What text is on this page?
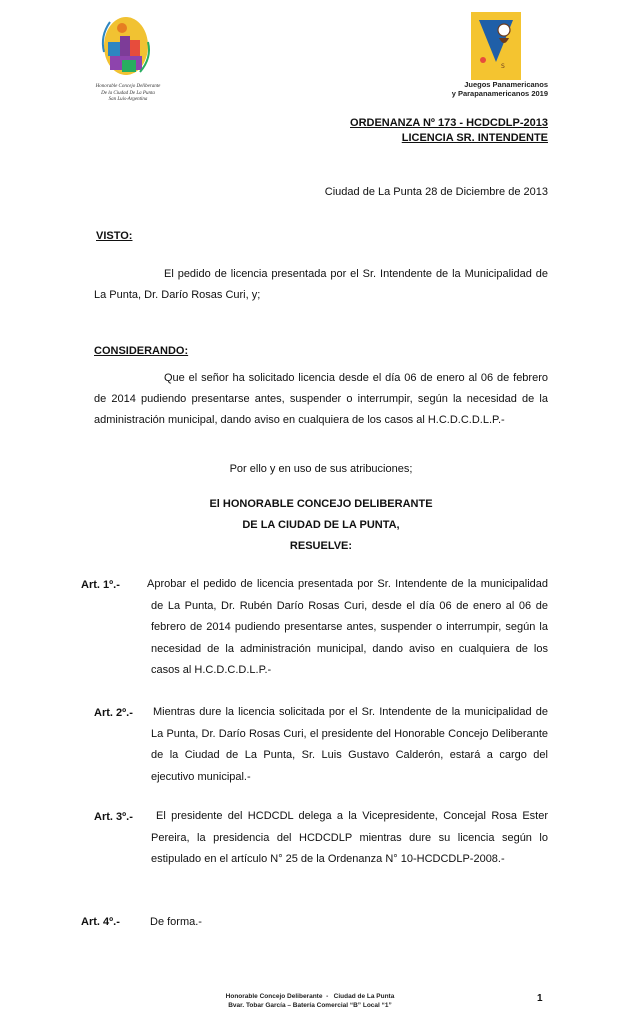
Honorable Concejo Deliberante
De la Ciudad De La Punta
San Luis-Argentina
S
Juegos Panamericanos
y Parapanamericanos 2019
ORDENANZA Nº 173 - HCDCDLP-2013
LICENCIA SR. INTENDENTE
Ciudad de La Punta 28 de Diciembre de 2013
VISTO:
El pedido de licencia presentada por el Sr. Intendente de la Municipalidad de La Punta, Dr. Darío Rosas Curi, y;
CONSIDERANDO:
Que el señor ha solicitado licencia desde el día 06 de enero al 06 de febrero de 2014 pudiendo presentarse antes, suspender o interrumpir, según la necesidad de la administración municipal, dando aviso en cualquiera de los casos al H.C.D.C.D.L.P.-
Por ello y en uso de sus atribuciones;
El HONORABLE CONCEJO DELIBERANTE
DE LA CIUDAD DE LA PUNTA,
RESUELVE:
Art. 1º.- Aprobar el pedido de licencia presentada por Sr. Intendente de la municipalidad de La Punta, Dr. Rubén Darío Rosas Curi, desde el día 06 de enero al 06 de febrero de 2014 pudiendo presentarse antes, suspender o interrumpir, según la necesidad de la administración municipal, dando aviso en cualquiera de los casos al H.C.D.C.D.L.P.-
Art. 2º.- Mientras dure la licencia solicitada por el Sr. Intendente de la municipalidad de La Punta, Dr. Darío Rosas Curi, el presidente del Honorable Concejo Deliberante de la Ciudad de La Punta, Sr. Luis Gustavo Calderón, estará a cargo del ejecutivo municipal.-
Art. 3º.-	El presidente del HCDCDL delega a la Vicepresidente, Concejal Rosa Ester Pereira, la presidencia del HCDCDLP mientras dure su licencia según lo estipulado en el artículo N° 25 de la Ordenanza N° 10-HCDCDLP-2008.-
Art. 4º.-	De forma.-
Honorable Concejo Deliberante  -   Ciudad de La Punta
Bvar. Tobar García – Batería Comercial “B” Local “1”
1
